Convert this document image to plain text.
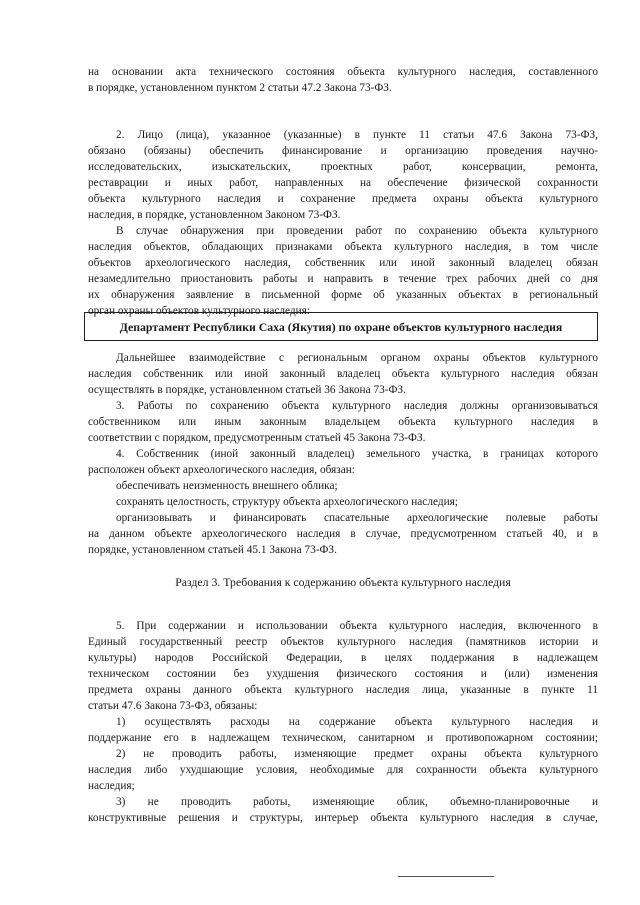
на основании акта технического состояния объекта культурного наследия, составленного
в порядке, установленном пунктом 2 статьи 47.2 Закона 73-ФЗ.
2. Лицо (лица), указанное (указанные) в пункте 11 статьи 47.6 Закона 73-ФЗ,
обязано (обязаны) обеспечить финансирование и организацию проведения научно-
исследовательских, изыскательских, проектных работ, консервации, ремонта,
реставрации и иных работ, направленных на обеспечение физической сохранности
объекта культурного наследия и сохранение предмета охраны объекта культурного
наследия, в порядке, установленном Законом 73-ФЗ.
В случае обнаружения при проведении работ по сохранению объекта культурного
наследия объектов, обладающих признаками объекта культурного наследия, в том числе
объектов археологического наследия, собственник или иной законный владелец обязан
незамедлительно приостановить работы и направить в течение трех рабочих дней со дня
их обнаружения заявление в письменной форме об указанных объектах в региональный
орган охраны объектов культурного наследия:
Департамент Республики Саха (Якутия) по охране объектов культурного наследия
Дальнейшее взаимодействие с региональным органом охраны объектов культурного
наследия собственник или иной законный владелец объекта культурного наследия обязан
осуществлять в порядке, установленном статьей 36 Закона 73-ФЗ.
3. Работы по сохранению объекта культурного наследия должны организовываться
собственником или иным законным владельцем объекта культурного наследия в
соответствии с порядком, предусмотренным статьей 45 Закона 73-ФЗ.
4. Собственник (иной законный владелец) земельного участка, в границах которого
расположен объект археологического наследия, обязан:
обеспечивать неизменность внешнего облика;
сохранять целостность, структуру объекта археологического наследия;
организовывать и финансировать спасательные археологические полевые работы
на данном объекте археологического наследия в случае, предусмотренном статьей 40, и в
порядке, установленном статьей 45.1 Закона 73-ФЗ.
Раздел 3. Требования к содержанию объекта культурного наследия
5. При содержании и использовании объекта культурного наследия, включенного в
Единый государственный реестр объектов культурного наследия (памятников истории и
культуры) народов Российской Федерации, в целях поддержания в надлежащем
техническом состоянии без ухудшения физического состояния и (или) изменения
предмета охраны данного объекта культурного наследия лица, указанные в пункте 11
статьи 47.6 Закона 73-ФЗ, обязаны:
1) осуществлять расходы на содержание объекта культурного наследия и
поддержание его в надлежащем техническом, санитарном и противопожарном состоянии;
2) не проводить работы, изменяющие предмет охраны объекта культурного
наследия либо ухудшающие условия, необходимые для сохранности объекта культурного
наследия;
3) не проводить работы, изменяющие облик, объемно-планировочные и
конструктивные решения и структуры, интерьер объекта культурного наследия в случае,
